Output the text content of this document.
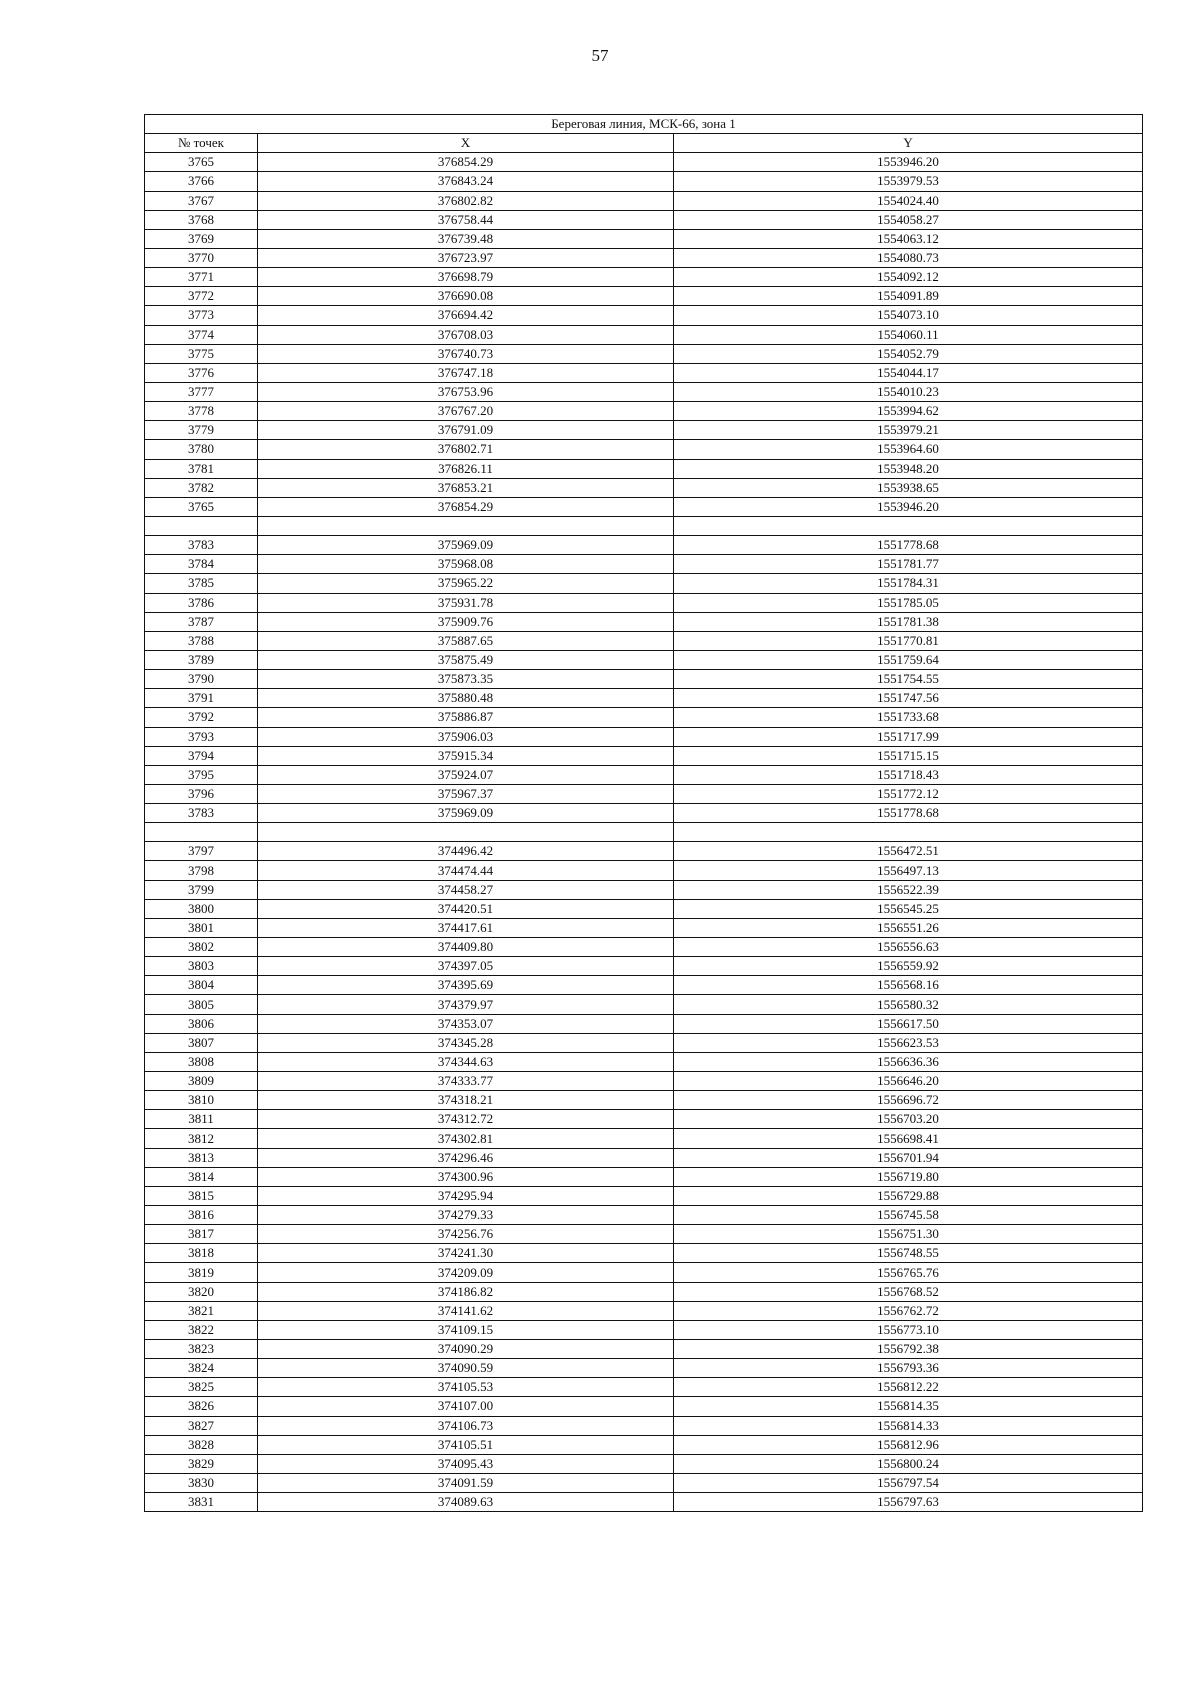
57
Береговая линия, МСК-66, зона 1		
№ точек	X	Y
3765	376854.29	1553946.20
3766	376843.24	1553979.53
3767	376802.82	1554024.40
3768	376758.44	1554058.27
3769	376739.48	1554063.12
3770	376723.97	1554080.73
3771	376698.79	1554092.12
3772	376690.08	1554091.89
3773	376694.42	1554073.10
3774	376708.03	1554060.11
3775	376740.73	1554052.79
3776	376747.18	1554044.17
3777	376753.96	1554010.23
3778	376767.20	1553994.62
3779	376791.09	1553979.21
3780	376802.71	1553964.60
3781	376826.11	1553948.20
3782	376853.21	1553938.65
3765	376854.29	1553946.20

3783	375969.09	1551778.68
3784	375968.08	1551781.77
3785	375965.22	1551784.31
3786	375931.78	1551785.05
3787	375909.76	1551781.38
3788	375887.65	1551770.81
3789	375875.49	1551759.64
3790	375873.35	1551754.55
3791	375880.48	1551747.56
3792	375886.87	1551733.68
3793	375906.03	1551717.99
3794	375915.34	1551715.15
3795	375924.07	1551718.43
3796	375967.37	1551772.12
3783	375969.09	1551778.68

3797	374496.42	1556472.51
3798	374474.44	1556497.13
3799	374458.27	1556522.39
3800	374420.51	1556545.25
3801	374417.61	1556551.26
3802	374409.80	1556556.63
3803	374397.05	1556559.92
3804	374395.69	1556568.16
3805	374379.97	1556580.32
3806	374353.07	1556617.50
3807	374345.28	1556623.53
3808	374344.63	1556636.36
3809	374333.77	1556646.20
3810	374318.21	1556696.72
3811	374312.72	1556703.20
3812	374302.81	1556698.41
3813	374296.46	1556701.94
3814	374300.96	1556719.80
3815	374295.94	1556729.88
3816	374279.33	1556745.58
3817	374256.76	1556751.30
3818	374241.30	1556748.55
3819	374209.09	1556765.76
3820	374186.82	1556768.52
3821	374141.62	1556762.72
3822	374109.15	1556773.10
3823	374090.29	1556792.38
3824	374090.59	1556793.36
3825	374105.53	1556812.22
3826	374107.00	1556814.35
3827	374106.73	1556814.33
3828	374105.51	1556812.96
3829	374095.43	1556800.24
3830	374091.59	1556797.54
3831	374089.63	1556797.63
